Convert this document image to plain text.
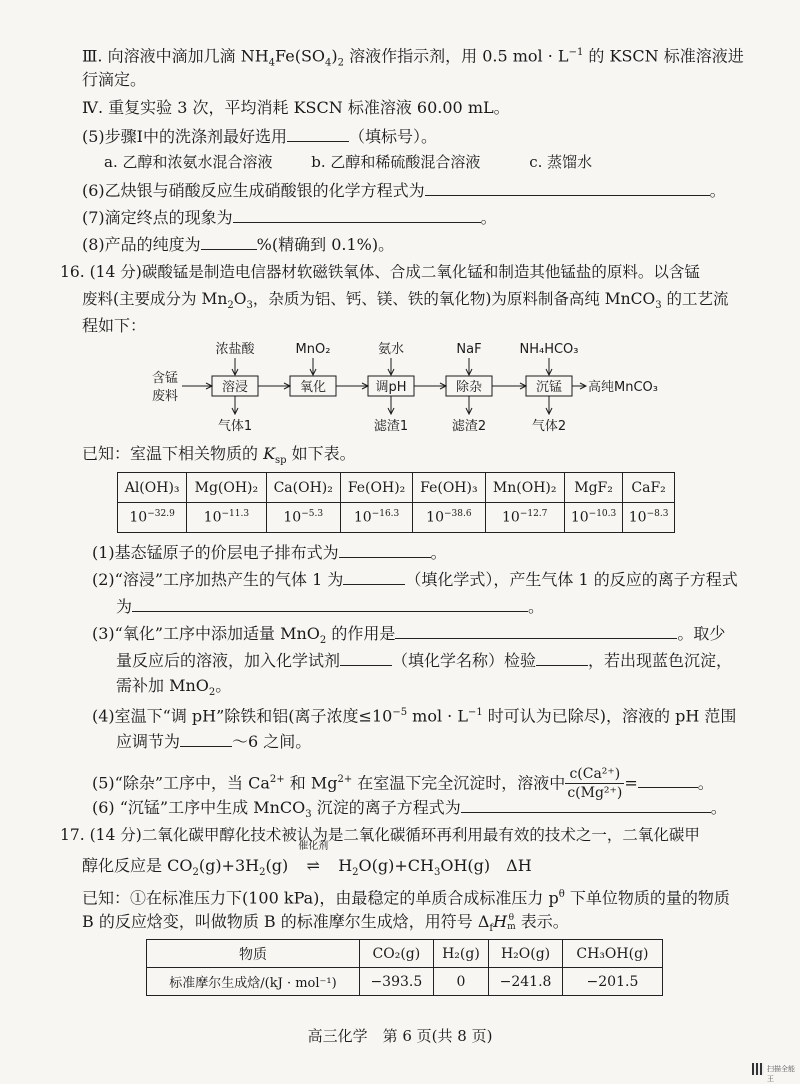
Ⅲ. 向溶液中滴加几滴 $NH_4Fe(SO_4)_2$ 溶液作指示剂，用 0.5 mol · $L^{-1}$ 的 KSCN 标准溶液进
行滴定。
Ⅳ. 重复实验 3 次，平均消耗 KSCN 标准溶液 60.00 mL。
(5)步骤Ⅰ中的洗涤剂最好选用	（填标号）。
a. 乙醇和浓氨水混合溶液	b. 乙醇和稀硫酸混合溶液	c. 蒸馏水
(6)乙炔银与硝酸反应生成硝酸银的化学方程式为	。
(7)滴定终点的现象为	。
(8)产品的纯度为	%(精确到 0.1%)。
16. (14 分)碳酸锰是制造电信器材软磁铁氧体、合成二氧化锰和制造其他锰盐的原料。以含锰
废料(主要成分为 $Mn_2O_3$，杂质为铝、钙、镁、铁的氧化物)为原料制备高纯 MnCO$_3$ 的工艺流
程如下：
含锰
废料
溶浸
浓盐酸
气体1
氧化
MnO₂
调pH
氨水
滤渣1
除杂
NaF
滤渣2
沉锰
NH₄HCO₃
气体2
高纯MnCO₃
已知：室温下相关物质的 $K_{sp}$ 如下表。
Al(OH)₃	Mg(OH)₂	Ca(OH)₂	Fe(OH)₂	Fe(OH)₃	Mn(OH)₂	MgF₂	CaF₂
$10^{-32.9}$	$10^{-11.3}$	$10^{-5.3}$	$10^{-16.3}$	$10^{-38.6}$	$10^{-12.7}$	$10^{-10.3}$	$10^{-8.3}$
(1)基态锰原子的价层电子排布式为	。
(2)“溶浸”工序加热产生的气体 1 为	（填化学式），产生气体 1 的反应的离子方程式
为	。
(3)“氧化”工序中添加适量 MnO$_2$ 的作用是	。取少
量反应后的溶液，加入化学试剂	（填化学名称）检验	，若出现蓝色沉淀，
需补加 MnO$_2$。
(4)室温下“调 pH”除铁和铝(离子浓度$\le 10^{-5}$ mol · $L^{-1}$ 时可认为已除尽)，溶液的 pH 范围
应调节为	～6 之间。
(5)“除杂”工序中，当 $Ca^{2+}$ 和 $Mg^{2+}$ 在室温下完全沉淀时，溶液中 $\frac{\text{c(Ca²⁺)}}{\text{c(Mg²⁺)}}$ =	。
(6) “沉锰”工序中生成 MnCO$_3$ 沉淀的离子方程式为	。
17. (14 分)二氧化碳甲醇化技术被认为是二氧化碳循环再利用最有效的技术之一，二氧化碳甲
醇化反应是 $CO_2(g)+3H_2(g)$
催化剂
⇌ $H_2O(g)+CH_3OH(g)$　ΔH
已知：①在标准压力下(100 kPa)，由最稳定的单质合成标准压力 $p^\theta$ 下单位物质的量的物质
B 的反应焓变，叫做物质 B 的标准摩尔生成焓，用符号 $\Delta_fH$ θ
m 表示。
物质	CO₂(g)	H₂(g)	H₂O(g)	CH₃OH(g)
标准摩尔生成焓/(kJ · mol⁻¹)	−393.5	0	−241.8	−201.5
高三化学　第 6 页(共 8 页)
扫描全能王
